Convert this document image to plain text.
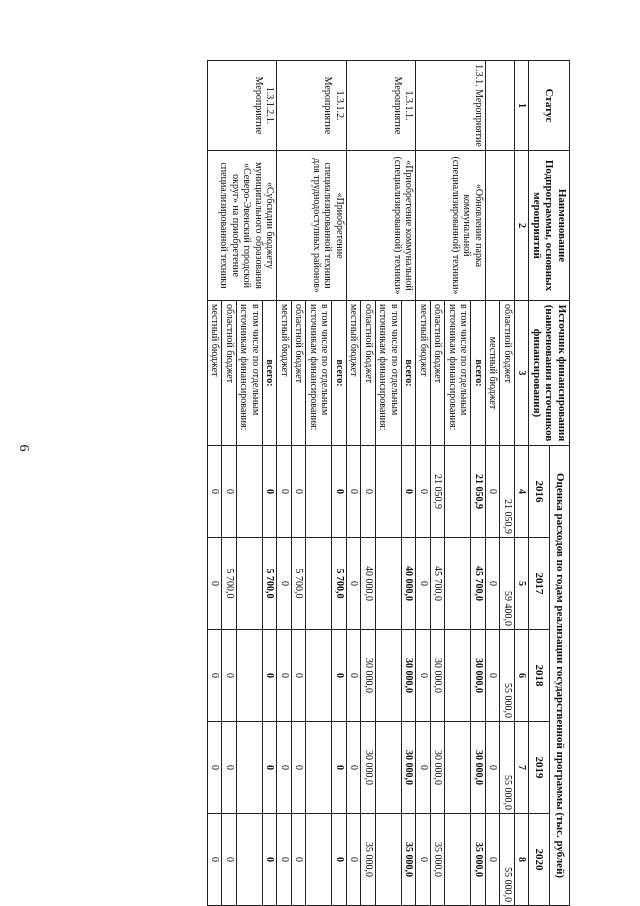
6
Статус	Наименование Подпрограммы, основных мероприятий	Источник финансирования (наименования источников финансирования)	Оценка расходов по годам реализации государственной программы (тыс. рублей)				
			2016	2017	2018	2019	2020
1	2	3	4	5	6	7	8
		областной бюджет	21 050,9	59 400,0	55 000,0	55 000,0	55 000,0
		местный бюджет	0	0	0	0	0
1.3.1. Мероприятие	«Обновление парка коммунальной (специализированной) техники»	всего:	21 050,9	45 700,0	30 000,0	30 000,0	35 000,0
		в том числе по отдельным источникам финансирования:					
		областной бюджет	21 050,9	45 700,0	30 000,0	30 000,0	35 000,0
		местный бюджет	0	0	0	0	0
1.3.1.1. Мероприятие	«Приобретение коммунальной (специализированной) техники»	всего:	0	40 000,0	30 000,0	30 000,0	35 000,0
		в том числе по отдельным источникам финансирования:					
		областной бюджет	0	40 000,0	30 000,0	30 000,0	35 000,0
		местный бюджет	0	0	0	0	0
1.3.1.2. Мероприятие	«Приобретение специализированной техники для труднодоступных районов»	всего:	0	5 700,0	0	0	0
		в том числе по отдельным источникам финансирования:					
		областной бюджет	0	5 700,0	0	0	0
		местный бюджет	0	0	0	0	0
1.3.1.2.1. Мероприятие	«Субсидии бюджету муниципального образования «Северо-Эвенский городской округ» на приобретение специализированной техники	всего:	0	5 700,0	0	0	0
		в том числе по отдельным источникам финансирования:					
		областной бюджет	0	5 700,0	0	0	0
		местный бюджет	0	0	0	0	0
